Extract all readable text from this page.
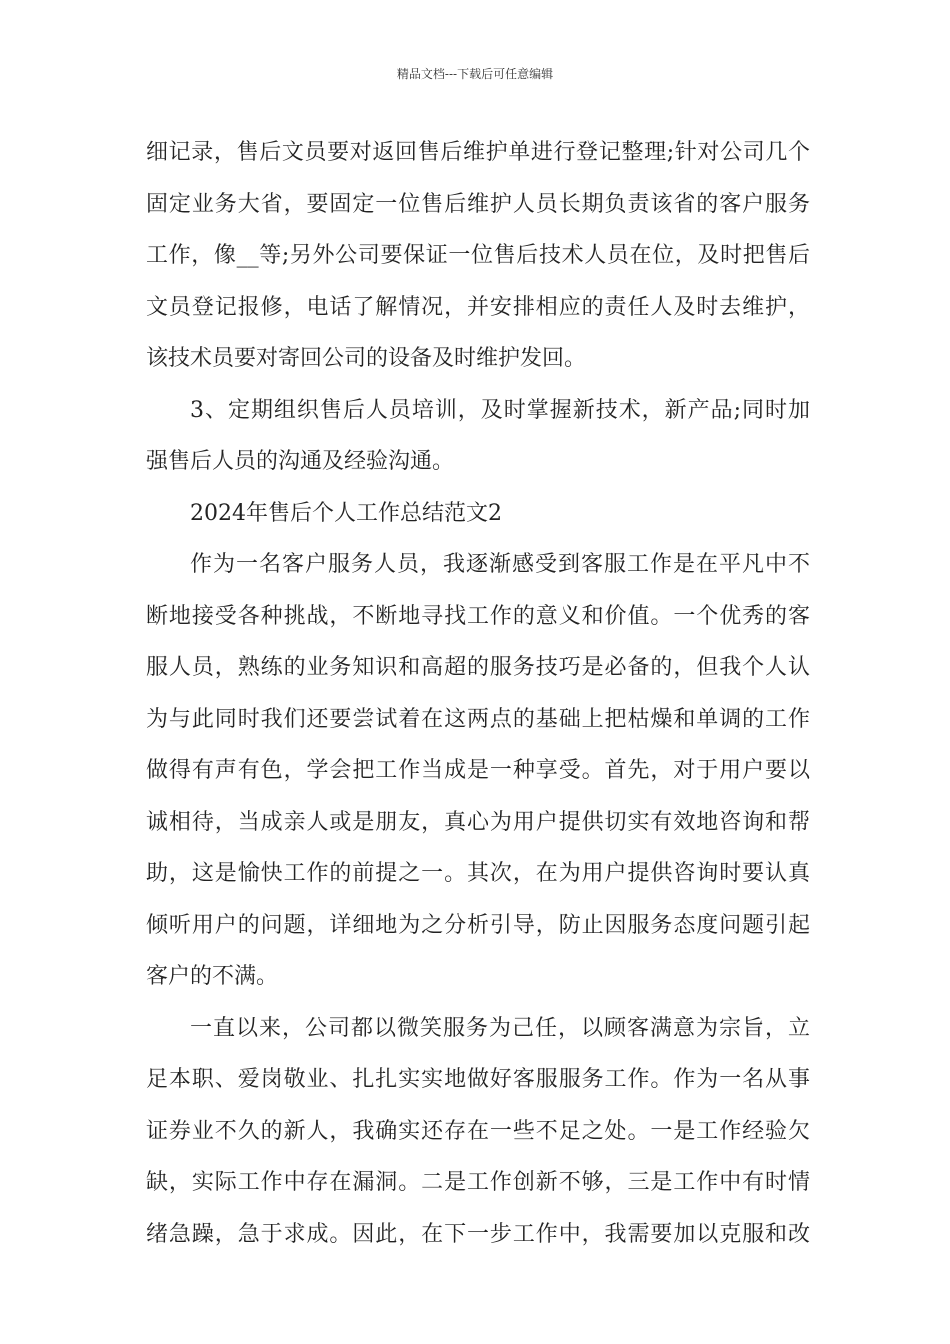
精品文档---下载后可任意编辑
细记录，售后文员要对返回售后维护单进行登记整理;针对公司几个
固定业务大省，要固定一位售后维护人员长期负责该省的客户服务
工作，像__等;另外公司要保证一位售后技术人员在位，及时把售后
文员登记报修，电话了解情况，并安排相应的责任人及时去维护，
该技术员要对寄回公司的设备及时维护发回。
3、定期组织售后人员培训，及时掌握新技术，新产品;同时加
强售后人员的沟通及经验沟通。
2024年售后个人工作总结范文2
作为一名客户服务人员，我逐渐感受到客服工作是在平凡中不
断地接受各种挑战，不断地寻找工作的意义和价值。一个优秀的客
服人员，熟练的业务知识和高超的服务技巧是必备的，但我个人认
为与此同时我们还要尝试着在这两点的基础上把枯燥和单调的工作
做得有声有色，学会把工作当成是一种享受。首先，对于用户要以
诚相待，当成亲人或是朋友，真心为用户提供切实有效地咨询和帮
助，这是愉快工作的前提之一。其次，在为用户提供咨询时要认真
倾听用户的问题，详细地为之分析引导，防止因服务态度问题引起
客户的不满。
一直以来，公司都以微笑服务为己任，以顾客满意为宗旨，立
足本职、爱岗敬业、扎扎实实地做好客服服务工作。作为一名从事
证券业不久的新人，我确实还存在一些不足之处。一是工作经验欠
缺，实际工作中存在漏洞。二是工作创新不够，三是工作中有时情
绪急躁，急于求成。因此，在下一步工作中，我需要加以克服和改
